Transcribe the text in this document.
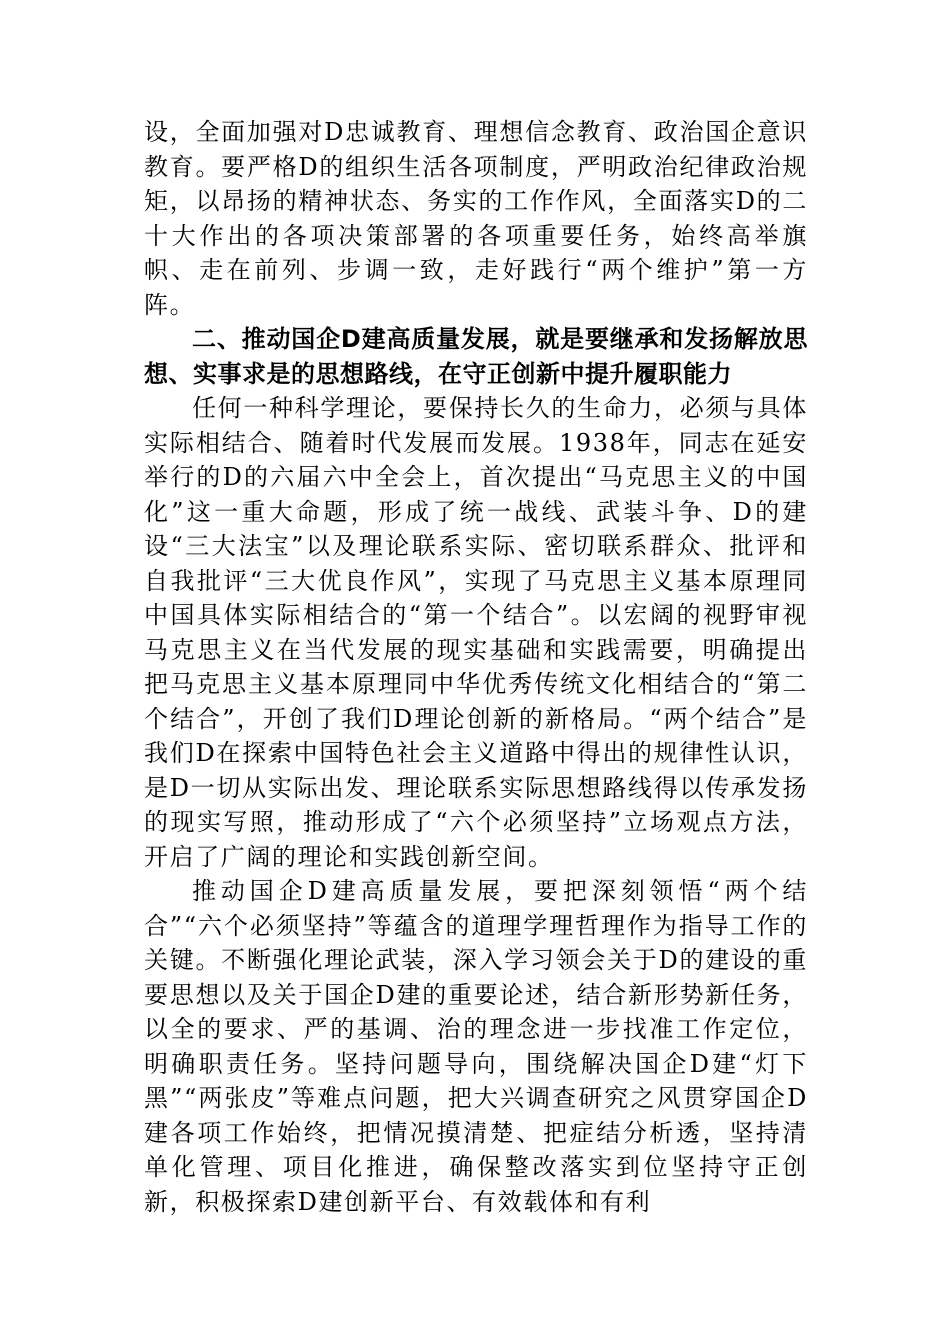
设，全面加强对D忠诚教育、理想信念教育、政治国企意识教育。要严格D的组织生活各项制度，严明政治纪律政治规矩，以昂扬的精神状态、务实的工作作风，全面落实D的二十大作出的各项决策部署的各项重要任务，始终高举旗帜、走在前列、步调一致，走好践行“两个维护”第一方阵。

二、推动国企D建高质量发展，就是要继承和发扬解放思想、实事求是的思想路线，在守正创新中提升履职能力

任何一种科学理论，要保持长久的生命力，必须与具体实际相结合、随着时代发展而发展。1938年，同志在延安举行的D的六届六中全会上，首次提出“马克思主义的中国化”这一重大命题，形成了统一战线、武装斗争、D的建设“三大法宝”以及理论联系实际、密切联系群众、批评和自我批评“三大优良作风”，实现了马克思主义基本原理同中国具体实际相结合的“第一个结合”。以宏阔的视野审视马克思主义在当代发展的现实基础和实践需要，明确提出把马克思主义基本原理同中华优秀传统文化相结合的“第二个结合”，开创了我们D理论创新的新格局。“两个结合”是我们D在探索中国特色社会主义道路中得出的规律性认识，是D一切从实际出发、理论联系实际思想路线得以传承发扬的现实写照，推动形成了“六个必须坚持”立场观点方法，开启了广阔的理论和实践创新空间。

推动国企D建高质量发展，要把深刻领悟“两个结合”“六个必须坚持”等蕴含的道理学理哲理作为指导工作的关键。不断强化理论武装，深入学习领会关于D的建设的重要思想以及关于国企D建的重要论述，结合新形势新任务，以全的要求、严的基调、治的理念进一步找准工作定位，明确职责任务。坚持问题导向，围绕解决国企D建“灯下黑”“两张皮”等难点问题，把大兴调查研究之风贯穿国企D建各项工作始终，把情况摸清楚、把症结分析透，坚持清单化管理、项目化推进，确保整改落实到位坚持守正创新，积极探索D建创新平台、有效载体和有利
